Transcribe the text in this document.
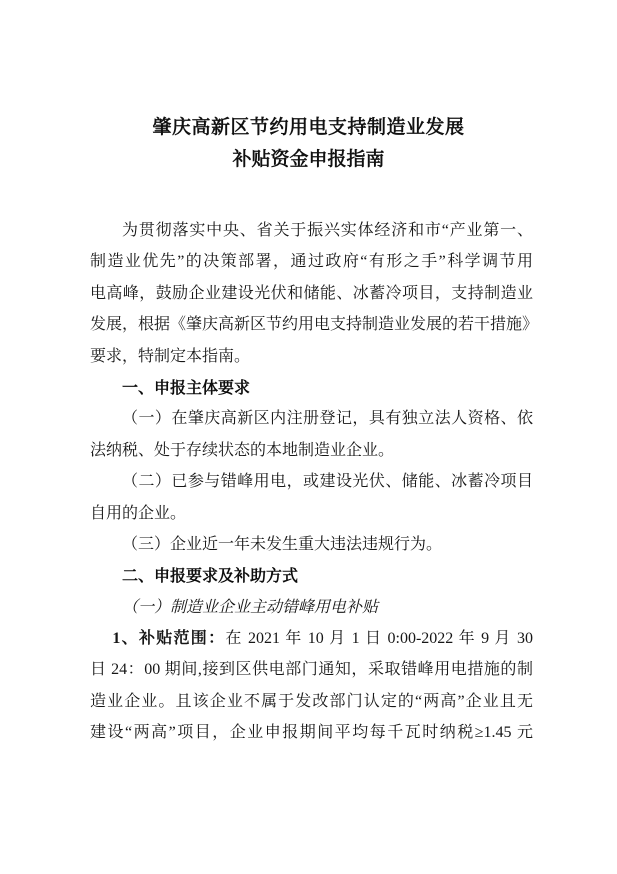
肇庆高新区节约用电支持制造业发展
补贴资金申报指南
为贯彻落实中央、省关于振兴实体经济和市“产业第一、
制造业优先”的决策部署，通过政府“有形之手”科学调节用
电高峰，鼓励企业建设光伏和储能、冰蓄冷项目，支持制造业
发展，根据《肇庆高新区节约用电支持制造业发展的若干措施》
要求，特制定本指南。
一、申报主体要求
（一）在肇庆高新区内注册登记，具有独立法人资格、依
法纳税、处于存续状态的本地制造业企业。
（二）已参与错峰用电，或建设光伏、储能、冰蓄冷项目
自用的企业。
（三）企业近一年未发生重大违法违规行为。
二、申报要求及补助方式
（一）制造业企业主动错峰用电补贴
1、补贴范围：在 2021 年 10 月 1 日 0:00-2022 年 9 月 30
日 24：00 期间,接到区供电部门通知，采取错峰用电措施的制
造业企业。且该企业不属于发改部门认定的“两高”企业且无
建设“两高”项目，企业申报期间平均每千瓦时纳税≥1.45 元
